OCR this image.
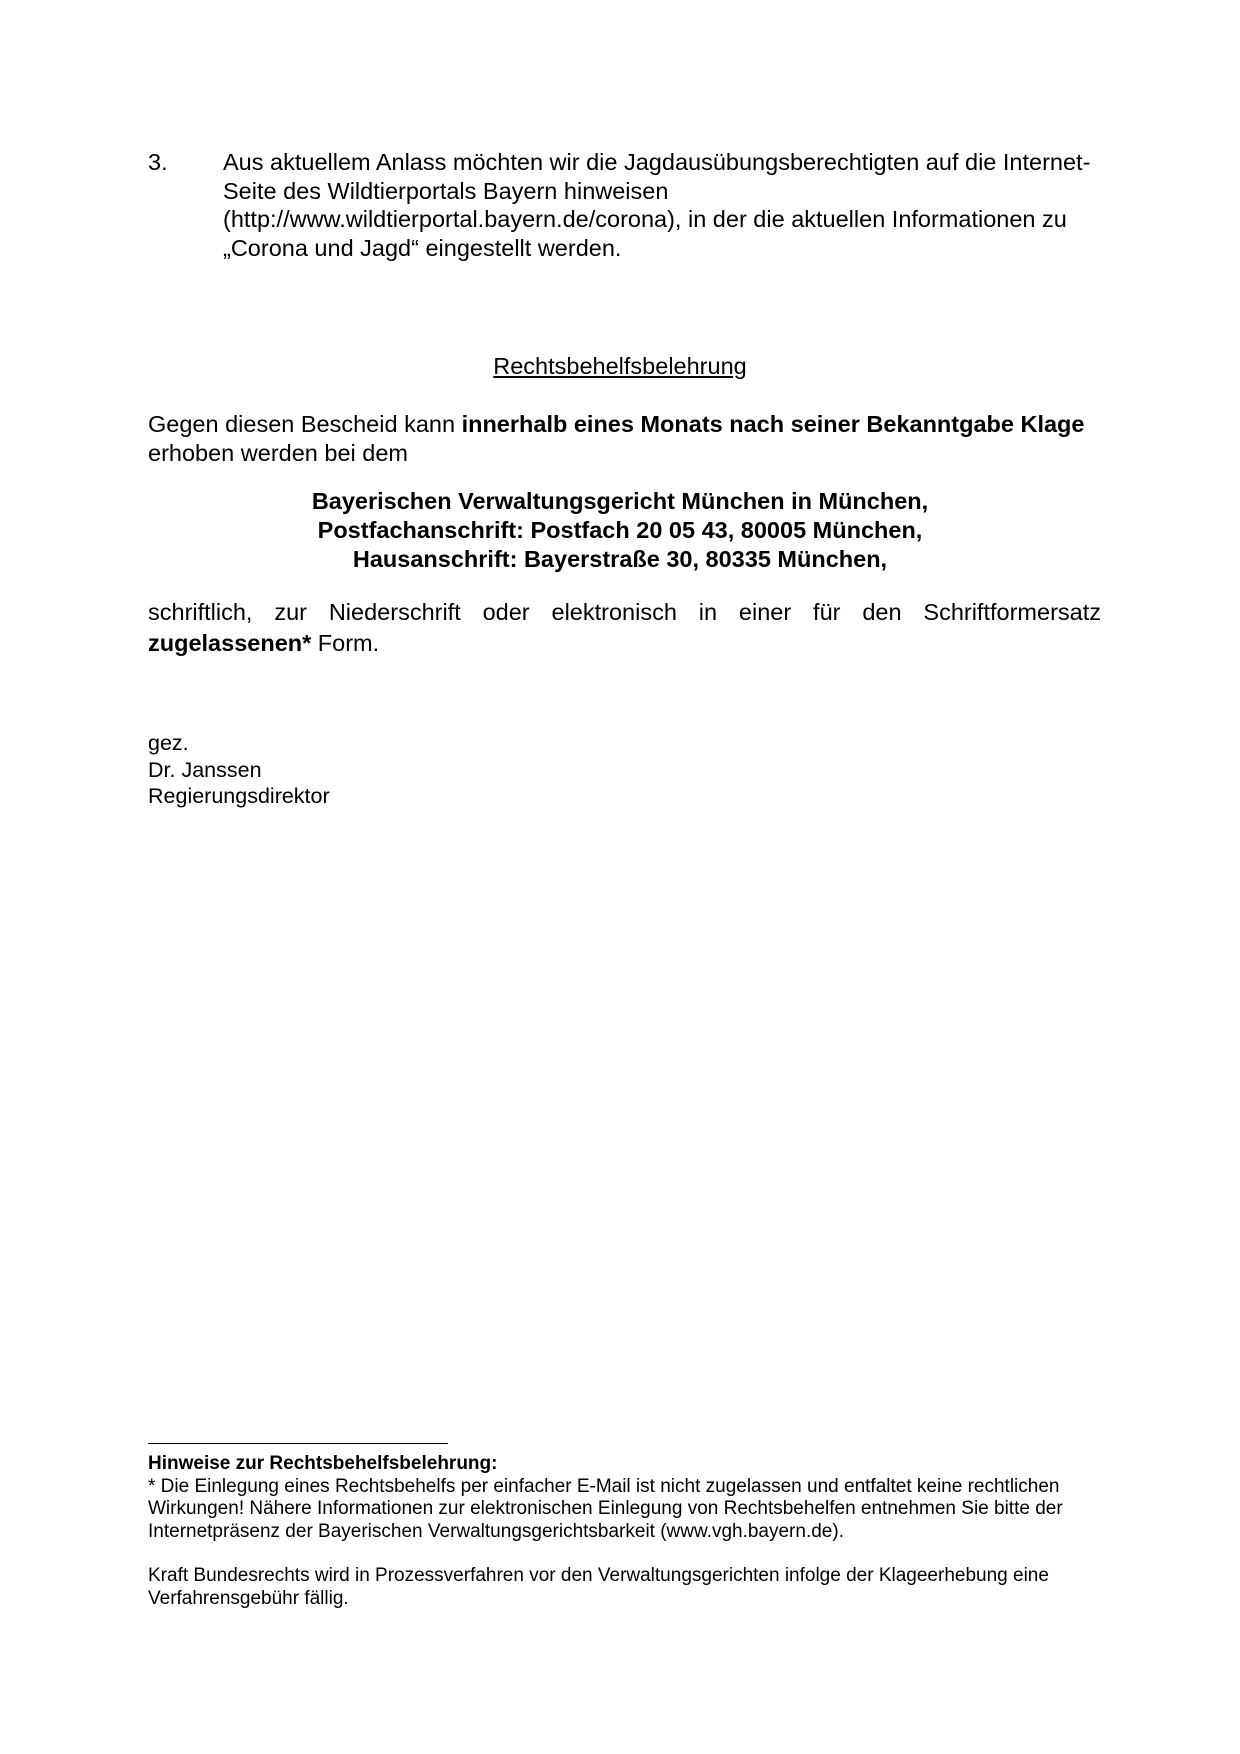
3. Aus aktuellem Anlass möchten wir die Jagdausübungsberechtigten auf die Internet-Seite des Wildtierportals Bayern hinweisen (http://www.wildtierportal.bayern.de/corona), in der die aktuellen Informationen zu „Corona und Jagd“ eingestellt werden.
Rechtsbehelfsbelehrung
Gegen diesen Bescheid kann innerhalb eines Monats nach seiner Bekanntgabe Klage erhoben werden bei dem
Bayerischen Verwaltungsgericht München in München,
Postfachanschrift: Postfach 20 05 43, 80005 München,
Hausanschrift: Bayerstraße 30, 80335 München,
schriftlich, zur Niederschrift oder elektronisch in einer für den Schriftformersatz zugelassenen* Form.
gez.
Dr. Janssen
Regierungsdirektor
Hinweise zur Rechtsbehelfsbelehrung:
* Die Einlegung eines Rechtsbehelfs per einfacher E-Mail ist nicht zugelassen und entfaltet keine rechtlichen Wirkungen! Nähere Informationen zur elektronischen Einlegung von Rechtsbehelfen entnehmen Sie bitte der Internetpräsenz der Bayerischen Verwaltungsgerichtsbarkeit (www.vgh.bayern.de).
Kraft Bundesrechts wird in Prozessverfahren vor den Verwaltungsgerichten infolge der Klageerhebung eine Verfahrensgebühr fällig.
